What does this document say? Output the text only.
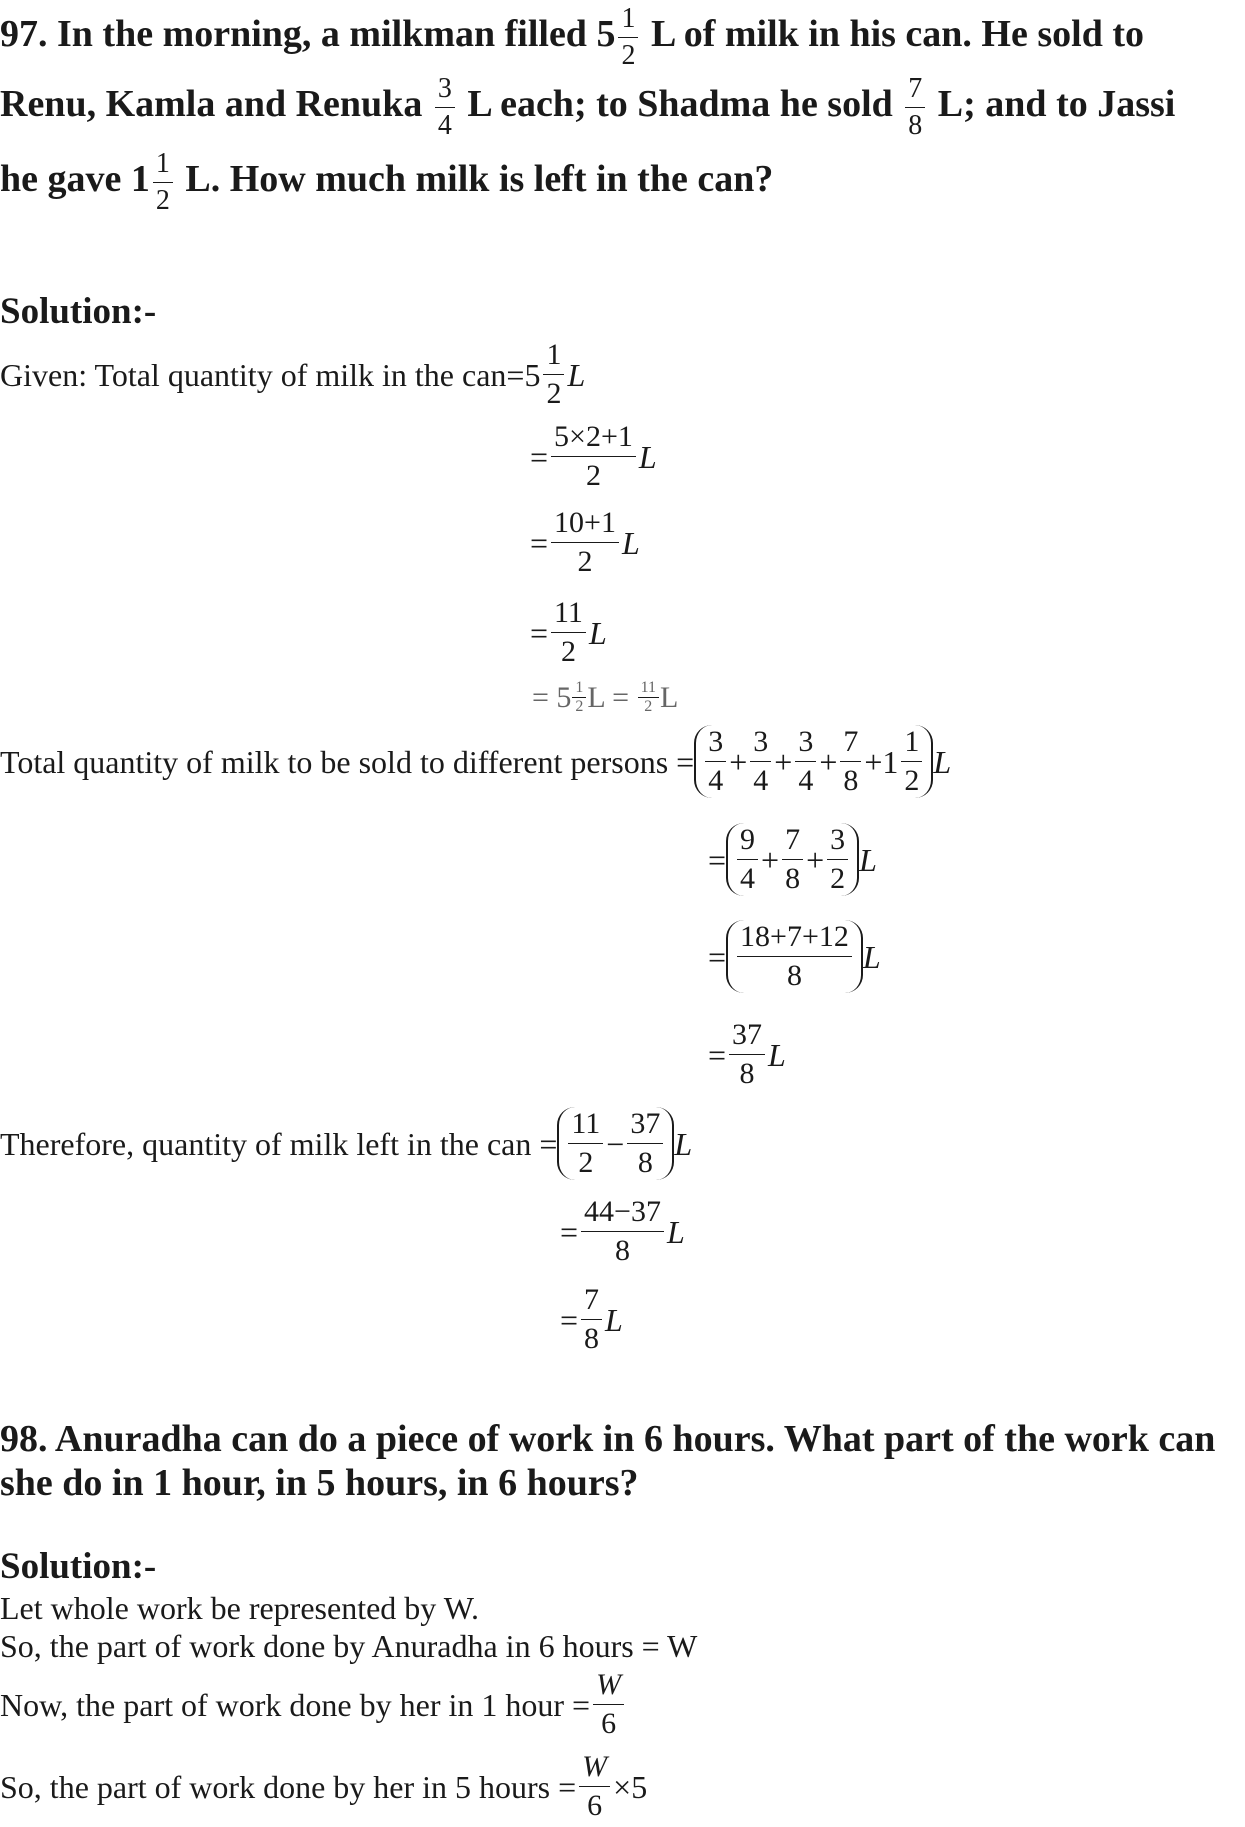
97. In the morning, a milkman filled $5 \frac{1}{2}$ L of milk in his can. He sold to
Renu, Kamla and Renuka $\frac{3}{4}$ L each; to Shadma he sold $\frac{7}{8} L$; and to Jassi
he gave $1 \frac{1}{2} L$. How much milk is left in the can?
Solution:-
Given: Total quantity of milk in the can = $5 \frac{1}{2}$ L
= $\frac{5\times 2+1}{2}$ L
= $\frac{10+1}{2}$ L
= $\frac{11}{2}$ L
= $5 \frac{1}{2}$ L =
$\frac{11}{2}$ L
Total quantity of milk to be sold to different persons
= $\frac{3}{4} + \frac{3}{4} + \frac{3}{4} + \frac{7}{8} +1 \frac{1}{2}$ L
= $\frac{9}{4} + \frac{7}{8} + \frac{3}{2}$ L
= $\frac{18+7+12}{8}$ L
= $\frac{37}{8}$ L
Therefore, quantity of milk left in the can
= $\frac{11}{2} - \frac{37}{8}$ L
= $\frac{44-37}{8}$ L
= $\frac{7}{8}$ L
98. Anuradha can do a piece of work in 6 hours. What part of the work can
she do in 1 hour, in 5 hours, in 6 hours?
Solution:-
Let whole work be represented by W.
So, the part of work done by Anuradha in 6 hours = W
Now, the part of work done by her in 1 hour
= $\frac{W}{6}$
So, the part of work done by her in 5 hours
= $\frac{W}{6} \times 5$
